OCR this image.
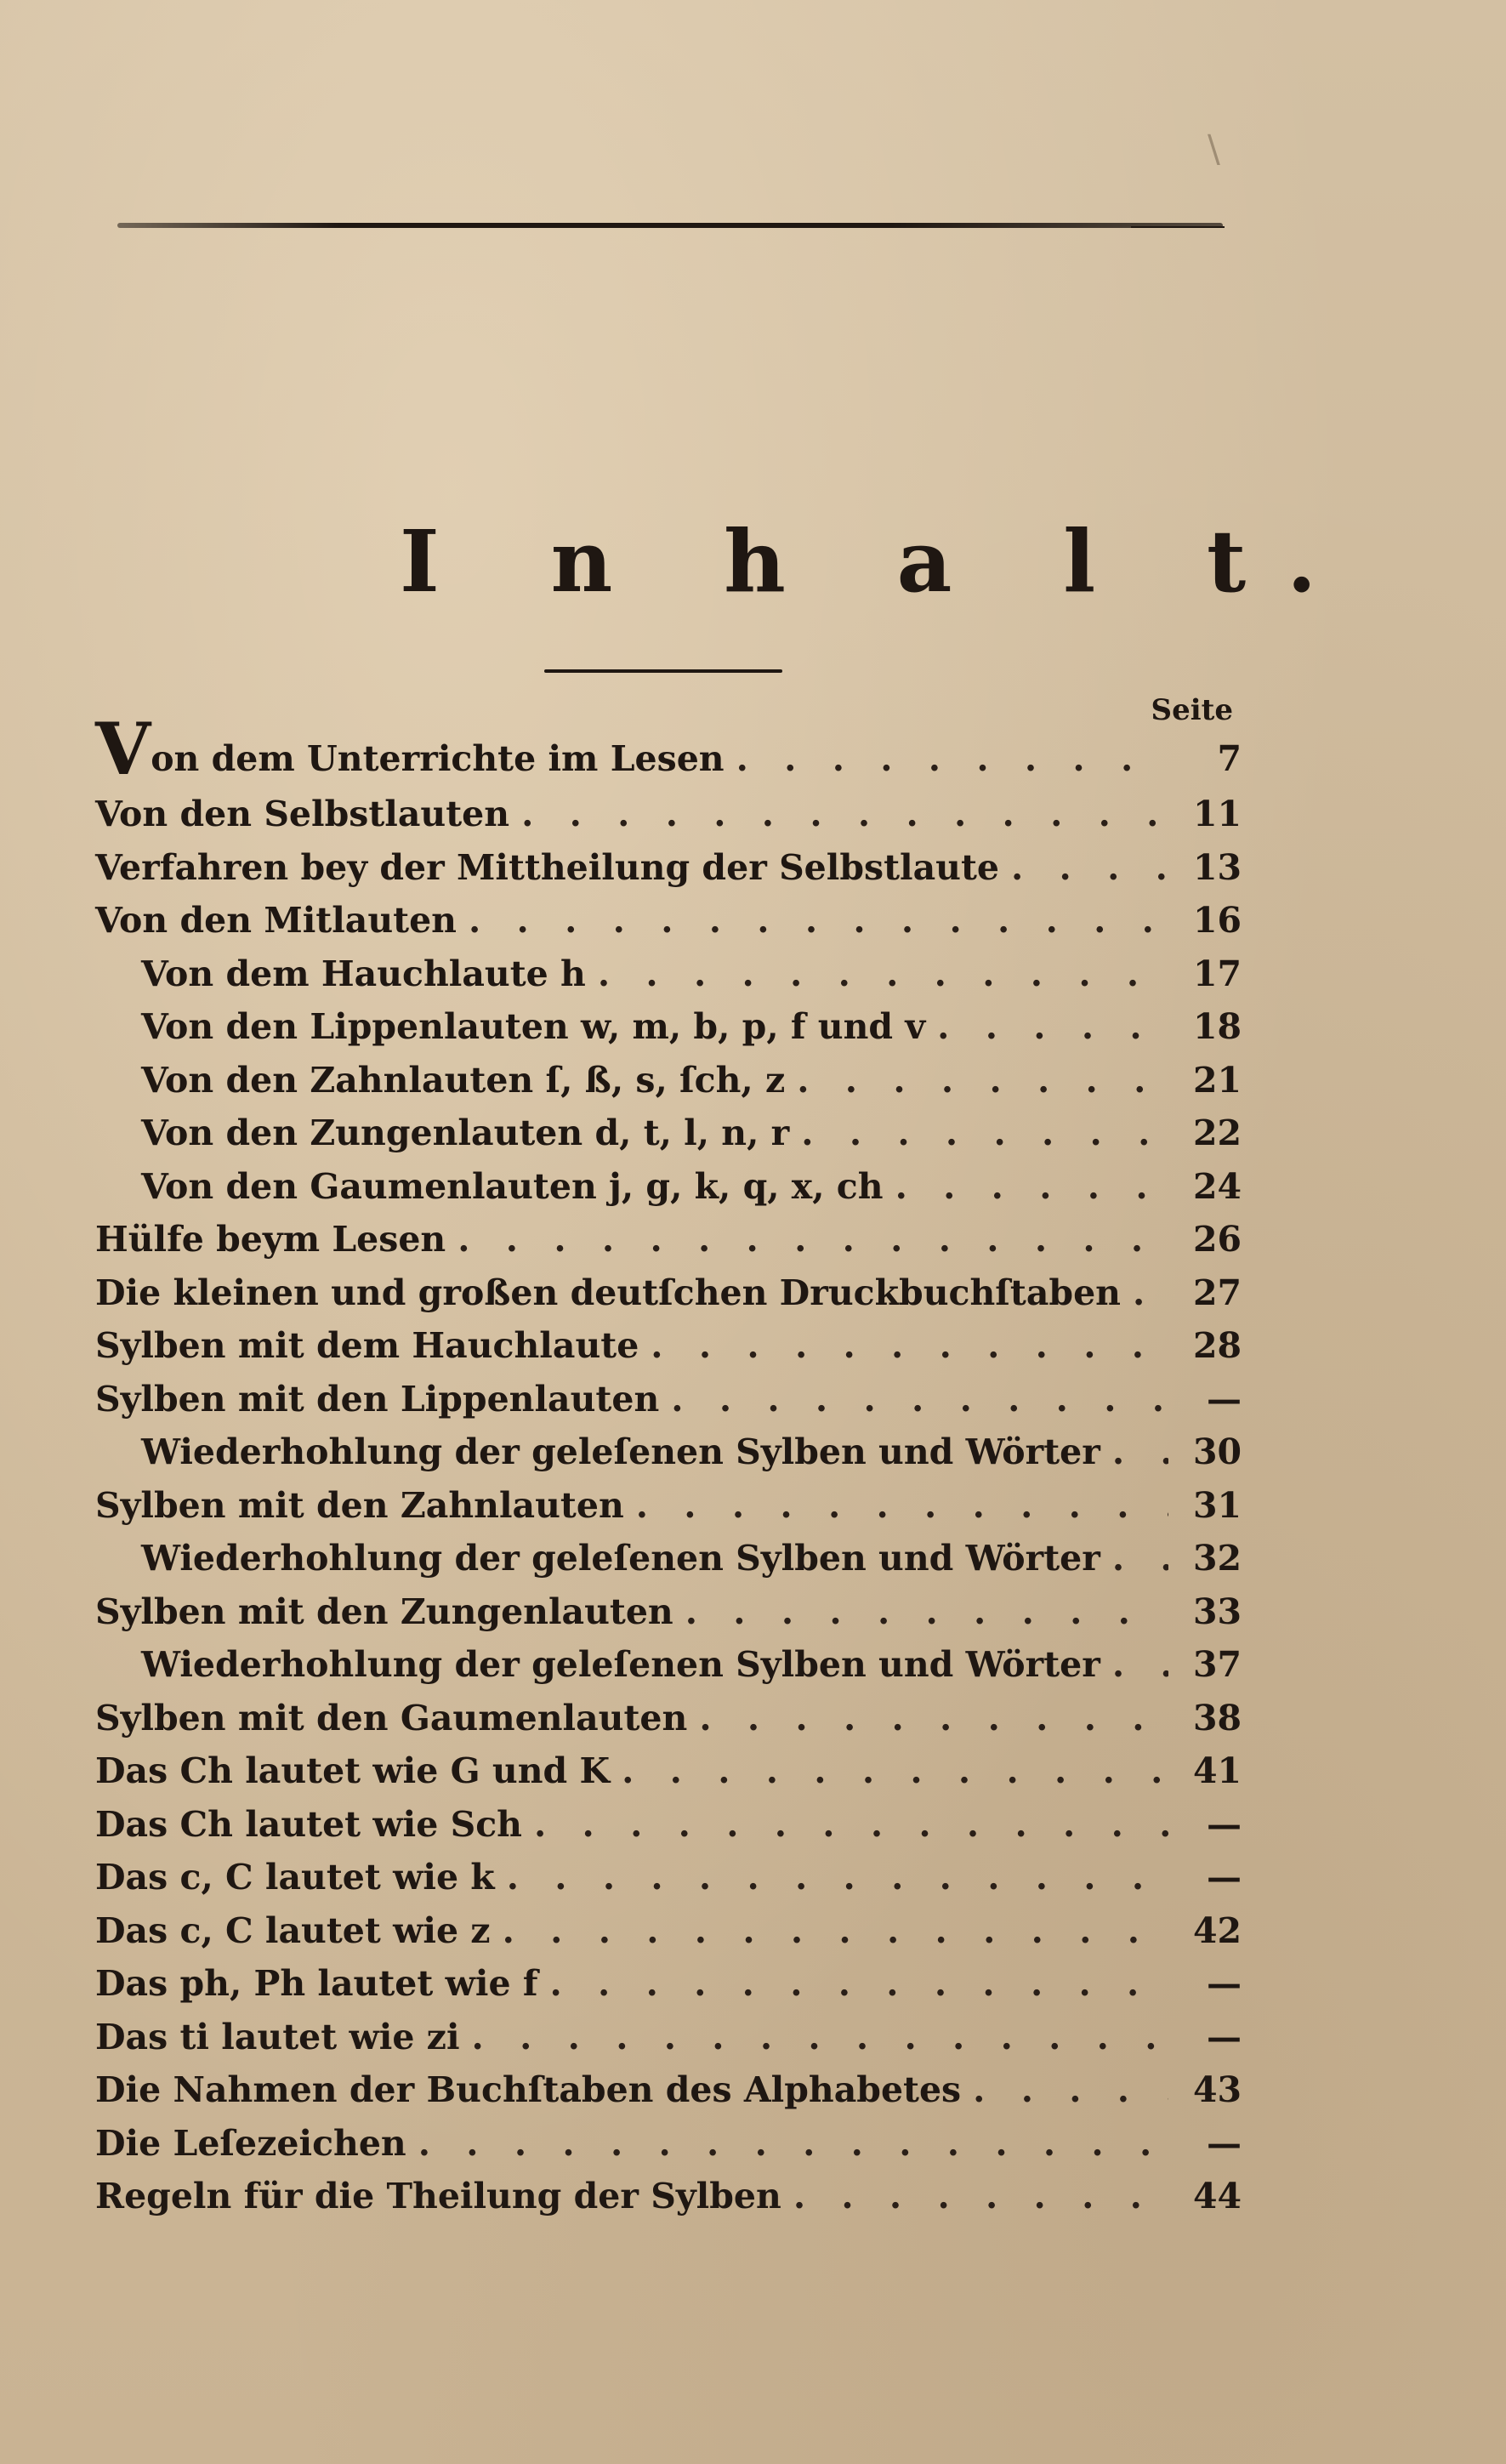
\
I n h a l t.
Seite
Von dem Unterrichte im Lesen . . .	7
Von den Selbstlauten . . .	11
Verfahren bey der Mittheilung der Selbstlaute . . .	13
Von den Mitlauten . . .	16
Von dem Hauchlaute h . . .	17
Von den Lippenlauten w, m, b, p, f und v . . .	18
Von den Zahnlauten ſ, ß, s, ſch, z . . .	21
Von den Zungenlauten d, t, l, n, r . . .	22
Von den Gaumenlauten j, g, k, q, x, ch . . .	24
Hülfe beym Lesen . . .	26
Die kleinen und großen deutſchen Druckbuchſtaben . . .	27
Sylben mit dem Hauchlaute . . .	28
Sylben mit den Lippenlauten . . .	—
Wiederhohlung der geleſenen Sylben und Wörter . . .	30
Sylben mit den Zahnlauten . . .	31
Wiederhohlung der geleſenen Sylben und Wörter . . .	32
Sylben mit den Zungenlauten . . .	33
Wiederhohlung der geleſenen Sylben und Wörter . . .	37
Sylben mit den Gaumenlauten . . .	38
Das Ch lautet wie G und K . . .	41
Das Ch lautet wie Sch . . .	—
Das c, C lautet wie k . . .	—
Das c, C lautet wie z . . .	42
Das ph, Ph lautet wie f . . .	—
Das ti lautet wie zi . . .	—
Die Nahmen der Buchſtaben des Alphabetes . . .	43
Die Leſezeichen . . .	—
Regeln für die Theilung der Sylben . . .	44
